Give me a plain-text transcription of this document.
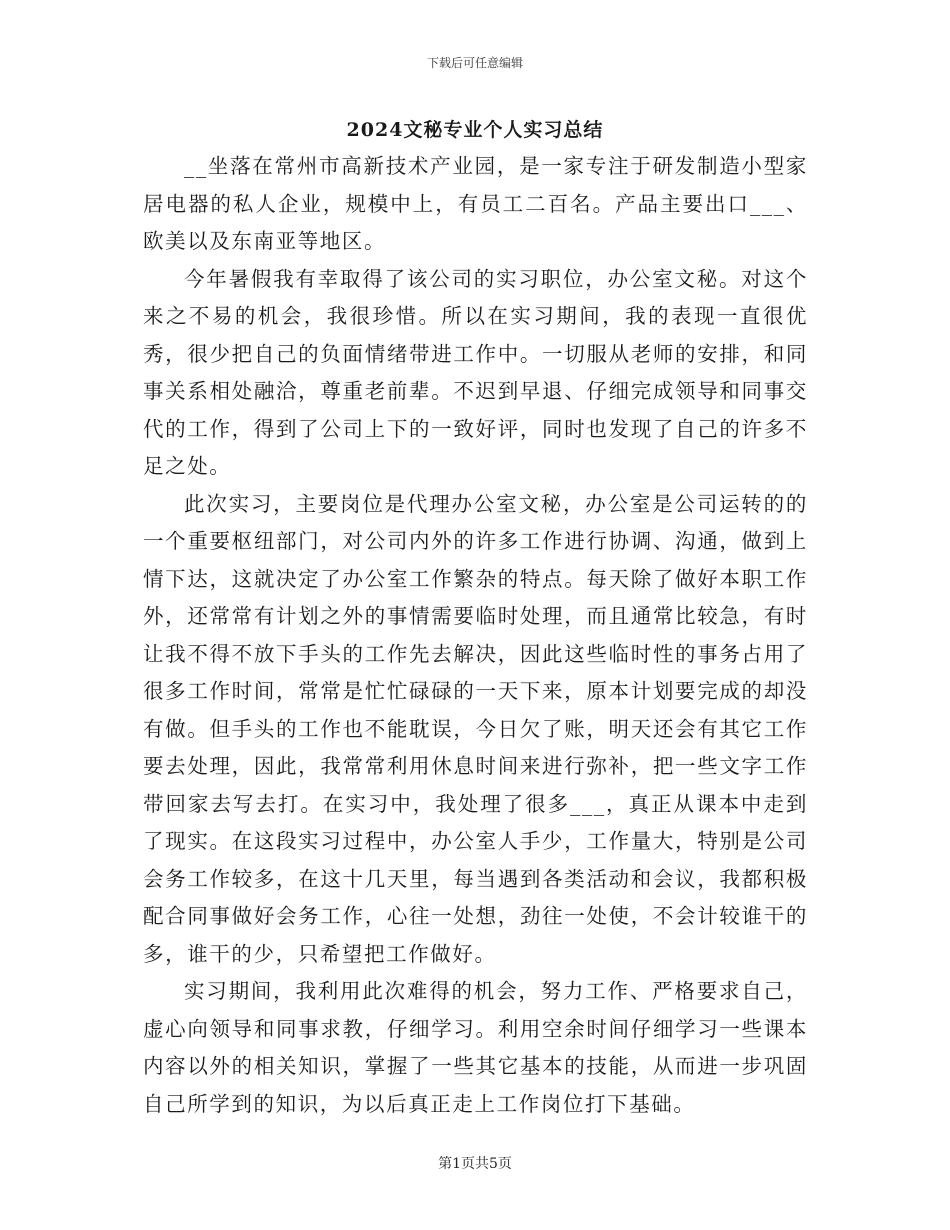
下载后可任意编辑
2024文秘专业个人实习总结

__坐落在常州市高新技术产业园，是一家专注于研发制造小型家居电器的私人企业，规模中上，有员工二百名。产品主要出口___、欧美以及东南亚等地区。

今年暑假我有幸取得了该公司的实习职位，办公室文秘。对这个来之不易的机会，我很珍惜。所以在实习期间，我的表现一直很优秀，很少把自己的负面情绪带进工作中。一切服从老师的安排，和同事关系相处融洽，尊重老前辈。不迟到早退、仔细完成领导和同事交代的工作，得到了公司上下的一致好评，同时也发现了自己的许多不足之处。

此次实习，主要岗位是代理办公室文秘，办公室是公司运转的的一个重要枢纽部门，对公司内外的许多工作进行协调、沟通，做到上情下达，这就决定了办公室工作繁杂的特点。每天除了做好本职工作外，还常常有计划之外的事情需要临时处理，而且通常比较急，有时让我不得不放下手头的工作先去解决，因此这些临时性的事务占用了很多工作时间，常常是忙忙碌碌的一天下来，原本计划要完成的却没有做。但手头的工作也不能耽误，今日欠了账，明天还会有其它工作要去处理，因此，我常常利用休息时间来进行弥补，把一些文字工作带回家去写去打。在实习中，我处理了很多___，真正从课本中走到了现实。在这段实习过程中，办公室人手少，工作量大，特别是公司会务工作较多，在这十几天里，每当遇到各类活动和会议，我都积极配合同事做好会务工作，心往一处想，劲往一处使，不会计较谁干的多，谁干的少，只希望把工作做好。

实习期间，我利用此次难得的机会，努力工作、严格要求自己，虚心向领导和同事求教，仔细学习。利用空余时间仔细学习一些课本内容以外的相关知识，掌握了一些其它基本的技能，从而进一步巩固自己所学到的知识，为以后真正走上工作岗位打下基础。

第1页共5页
